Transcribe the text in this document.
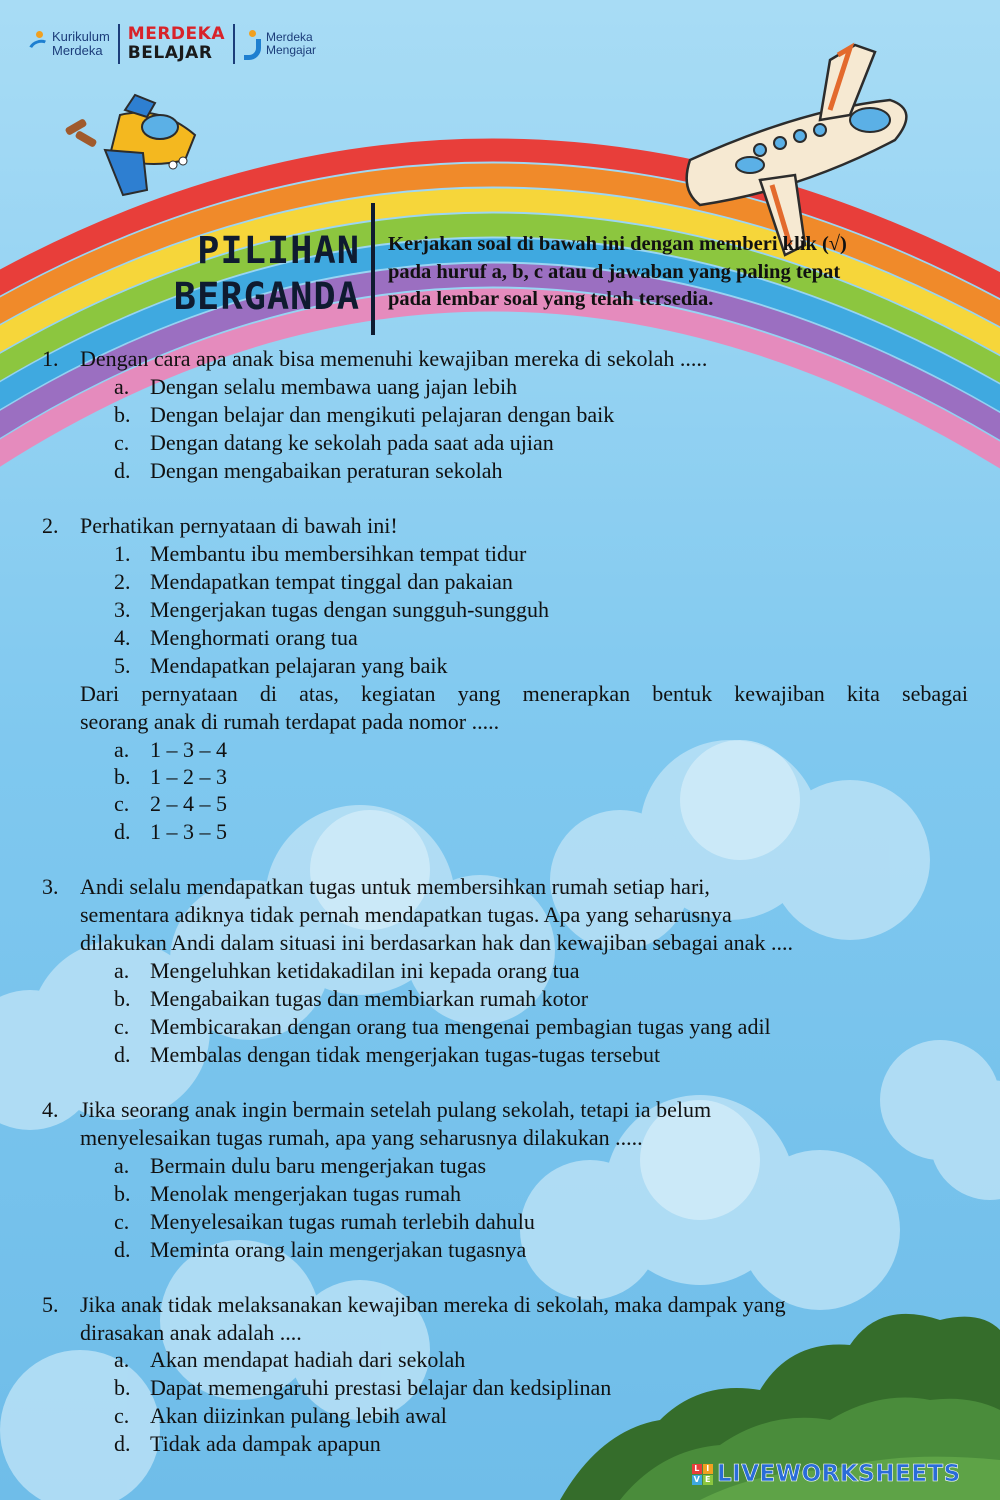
Kurikulum
Merdeka
MERDEKA
BELAJAR
Merdeka
Mengajar
PILIHAN
BERGANDA
Kerjakan soal di bawah ini dengan memberi klik (√)
pada huruf a, b, c atau d jawaban yang paling tepat
pada lembar soal yang telah tersedia.
1. Dengan cara apa anak bisa memenuhi kewajiban mereka di sekolah .....
a. Dengan selalu membawa uang jajan lebih
b. Dengan belajar dan mengikuti pelajaran dengan baik
c. Dengan datang ke sekolah pada saat ada ujian
d. Dengan mengabaikan peraturan sekolah
2. Perhatikan pernyataan di bawah ini!
1. Membantu ibu membersihkan tempat tidur
2. Mendapatkan tempat tinggal dan pakaian
3. Mengerjakan tugas dengan sungguh-sungguh
4. Menghormati orang tua
5. Mendapatkan pelajaran yang baik
Dari pernyataan di atas, kegiatan yang menerapkan bentuk kewajiban kita sebagai
seorang anak di rumah terdapat pada nomor .....
a. 1 – 3 – 4
b. 1 – 2 – 3
c. 2 – 4 – 5
d. 1 – 3 – 5
3. Andi selalu mendapatkan tugas untuk membersihkan rumah setiap hari,
sementara adiknya tidak pernah mendapatkan tugas. Apa yang seharusnya
dilakukan Andi dalam situasi ini berdasarkan hak dan kewajiban sebagai anak ....
a. Mengeluhkan ketidakadilan ini kepada orang tua
b. Mengabaikan tugas dan membiarkan rumah kotor
c. Membicarakan dengan orang tua mengenai pembagian tugas yang adil
d. Membalas dengan tidak mengerjakan tugas-tugas tersebut
4. Jika seorang anak ingin bermain setelah pulang sekolah, tetapi ia belum
menyelesaikan tugas rumah, apa yang seharusnya dilakukan .....
a. Bermain dulu baru mengerjakan tugas
b. Menolak mengerjakan tugas rumah
c. Menyelesaikan tugas rumah terlebih dahulu
d. Meminta orang lain mengerjakan tugasnya
5. Jika anak tidak melaksanakan kewajiban mereka di sekolah, maka dampak yang
dirasakan anak adalah ....
a. Akan mendapat hadiah dari sekolah
b. Dapat memengaruhi prestasi belajar dan kedsiplinan
c. Akan diizinkan pulang lebih awal
d. Tidak ada dampak apapun
L I
V E LIVEWORKSHEETS
